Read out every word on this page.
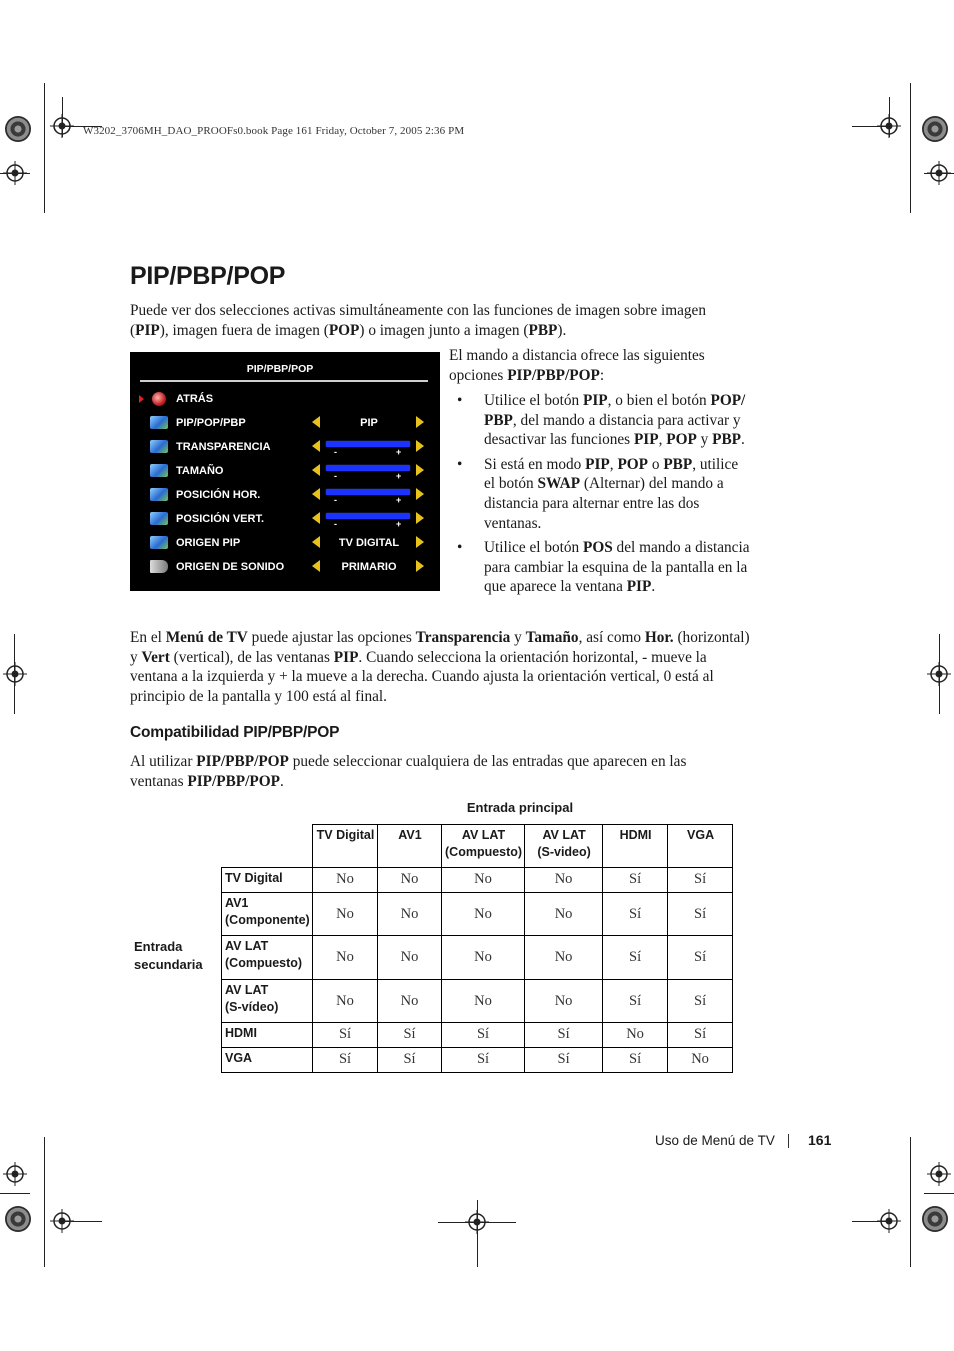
W3202_3706MH_DAO_PROOFs0.book Page 161 Friday, October 7, 2005 2:36 PM
PIP/PBP/POP

Puede ver dos selecciones activas simultáneamente con las funciones de imagen sobre imagen
(PIP), imagen fuera de imagen (POP) o imagen junto a imagen (PBP).

PIP/PBP/POP
ATRÁS
PIP/POP/PBP	PIP
TRANSPARENCIA	-	+
TAMAÑO	-	+
POSICIÓN HOR.	-	+
POSICIÓN VERT.	-	+
ORIGEN PIP	TV DIGITAL
ORIGEN DE SONIDO	PRIMARIO

El mando a distancia ofrece las siguientes
opciones PIP/PBP/POP:

• Utilice el botón PIP, o bien el botón POP/
PBP, del mando a distancia para activar y
desactivar las funciones PIP, POP y PBP.
• Si está en modo PIP, POP o PBP, utilice
el botón SWAP (Alternar) del mando a
distancia para alternar entre las dos
ventanas.
• Utilice el botón POS del mando a distancia
para cambiar la esquina de la pantalla en la
que aparece la ventana PIP.

En el Menú de TV puede ajustar las opciones Transparencia y Tamaño, así como Hor. (horizontal)
y Vert (vertical), de las ventanas PIP. Cuando selecciona la orientación horizontal, - mueve la
ventana a la izquierda y + la mueve a la derecha. Cuando ajusta la orientación vertical, 0 está al
principio de la pantalla y 100 está al final.

Compatibilidad PIP/PBP/POP

Al utilizar PIP/PBP/POP puede seleccionar cualquiera de las entradas que aparecen en las
ventanas PIP/PBP/POP.

Entrada principal
Entrada
secundaria
	TV Digital	AV1	AV LAT
(Compuesto)	AV LAT
(S-video)	HDMI	VGA

TV Digital	No	No	No	No	Sí	Sí
AV1
(Componente)	No	No	No	No	Sí	Sí
AV LAT
(Compuesto)	No	No	No	No	Sí	Sí
AV LAT
(S-vídeo)	No	No	No	No	Sí	Sí
HDMI	Sí	Sí	Sí	Sí	No	Sí
VGA	Sí	Sí	Sí	Sí	Sí	No
Uso de Menú de TV 161
